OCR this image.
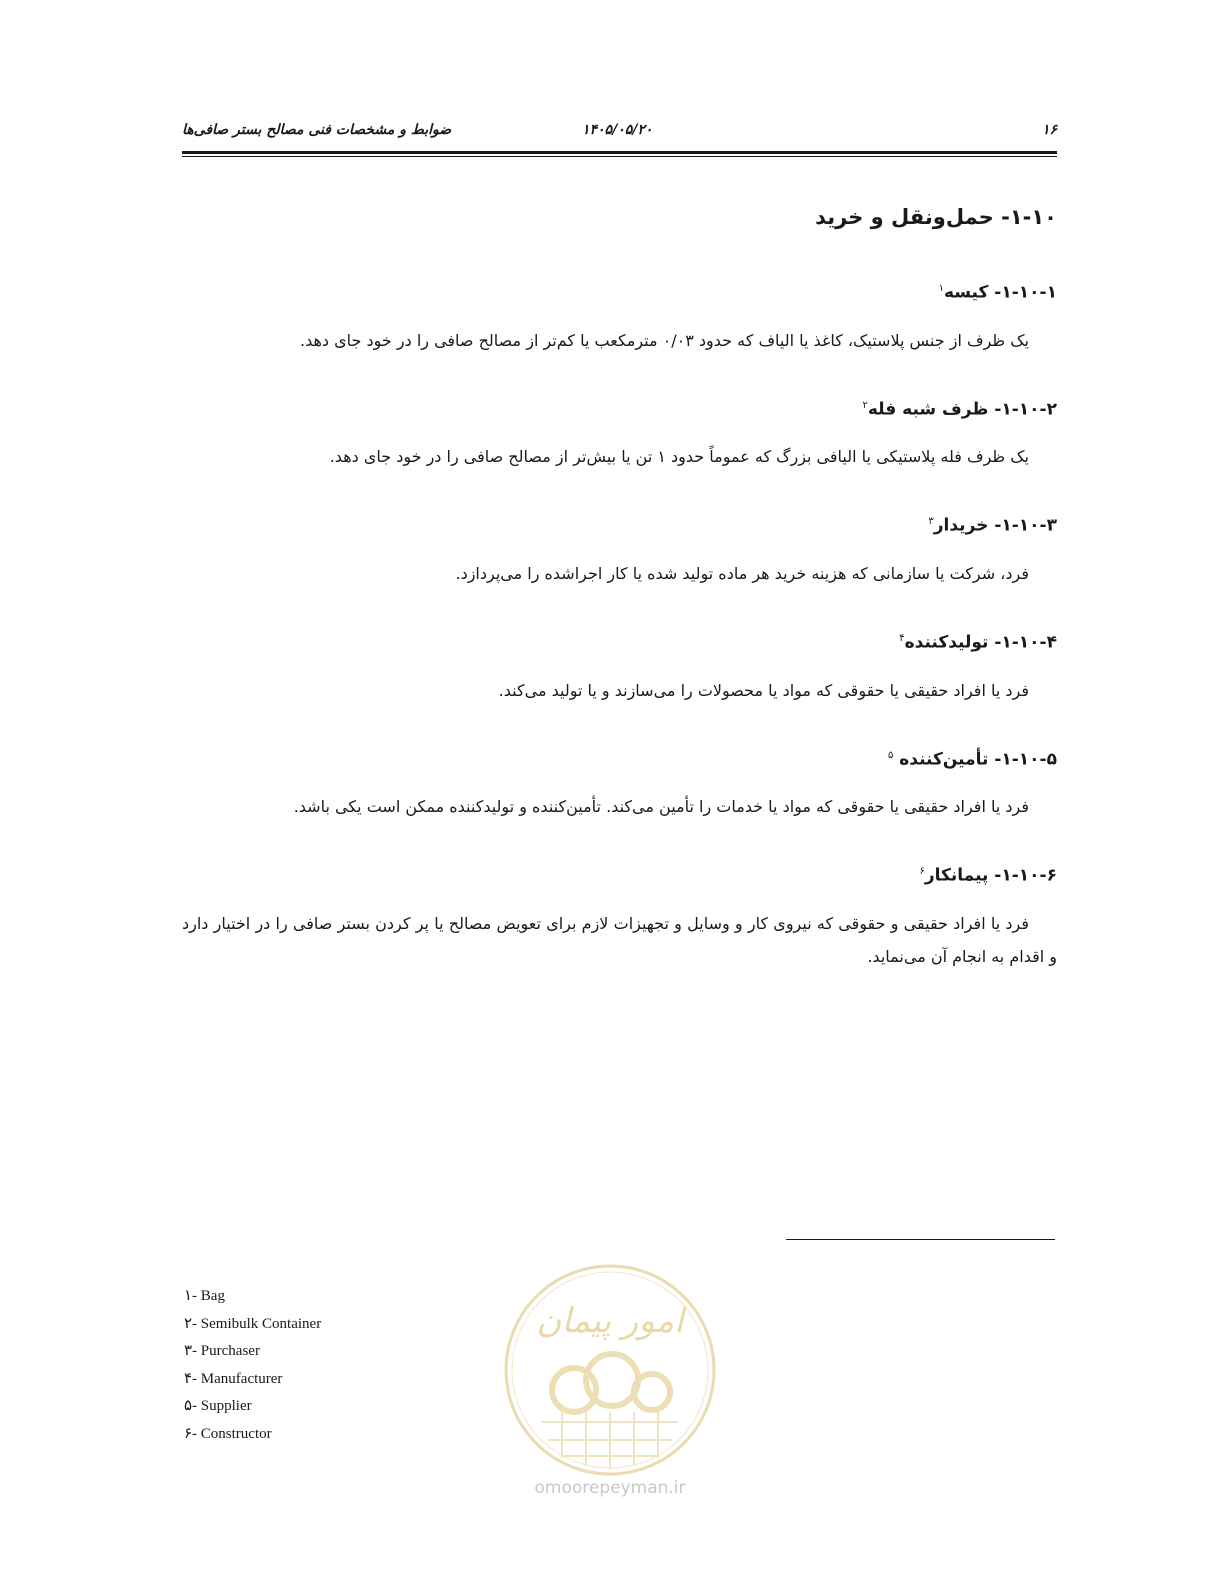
۱۶
۱۴۰۵/۰۵/۲۰
ضوابط و مشخصات فنی مصالح بستر صافی‌ها
۱-۱۰- حمل‌ونقل و خرید
۱-۱۰-۱- کیسه$^۱$
یک ظرف از جنس پلاستیک، کاغذ یا الیاف که حدود ۰/۰۳ مترمکعب یا کم‌تر از مصالح صافی را در خود جای دهد.
۱-۱۰-۲- ظرف شبه فله$^۲$
یک ظرف فله پلاستیکی یا الیافی بزرگ که عموماً حدود ۱ تن یا بیش‌تر از مصالح صافی را در خود جای دهد.
۱-۱۰-۳- خریدار$^۳$
فرد، شرکت یا سازمانی که هزینه خرید هر ماده تولید شده یا کار اجراشده را می‌پردازد.
۱-۱۰-۴- تولیدکننده$^۴$
فرد یا افراد حقیقی یا حقوقی که مواد یا محصولات را می‌سازند و یا تولید می‌کند.
۱-۱۰-۵- تأمین‌کننده $^۵$
فرد یا افراد حقیقی یا حقوقی که مواد یا خدمات را تأمین می‌کند. تأمین‌کننده و تولیدکننده ممکن است یکی باشد.
۱-۱۰-۶- پیمانکار$^۶$
فرد یا افراد حقیقی و حقوقی که نیروی کار و وسایل و تجهیزات لازم برای تعویض مصالح یا پر کردن بستر صافی را در اختیار دارد و اقدام به انجام آن می‌نماید.
۱- Bag
۲- Semibulk Container
۳- Purchaser
۴- Manufacturer
۵- Supplier
۶- Constructor
امور پیمان
omoorepeyman.ir
